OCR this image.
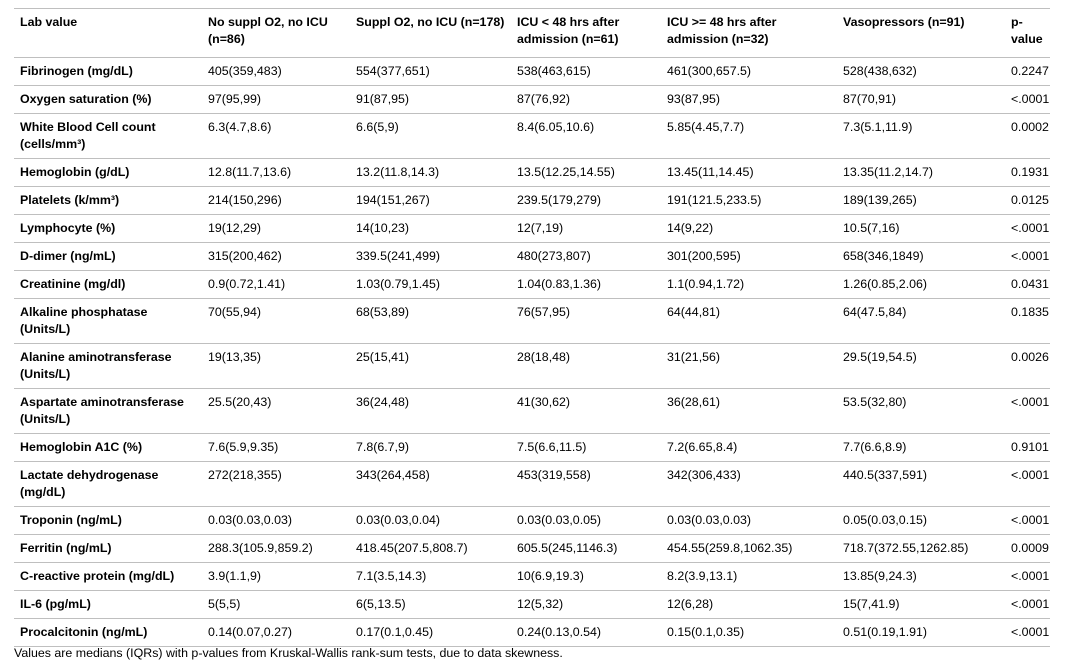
Lab value	No suppl O2, no ICU (n=86)	Suppl O2, no ICU (n=178)	ICU < 48 hrs after admission (n=61)	ICU >= 48 hrs after admission (n=32)	Vasopressors (n=91)	p-value
Fibrinogen (mg/dL)	405(359,483)	554(377,651)	538(463,615)	461(300,657.5)	528(438,632)	0.2247
Oxygen saturation (%)	97(95,99)	91(87,95)	87(76,92)	93(87,95)	87(70,91)	<.0001
White Blood Cell count (cells/mm³)	6.3(4.7,8.6)	6.6(5,9)	8.4(6.05,10.6)	5.85(4.45,7.7)	7.3(5.1,11.9)	0.0002
Hemoglobin (g/dL)	12.8(11.7,13.6)	13.2(11.8,14.3)	13.5(12.25,14.55)	13.45(11,14.45)	13.35(11.2,14.7)	0.1931
Platelets (k/mm³)	214(150,296)	194(151,267)	239.5(179,279)	191(121.5,233.5)	189(139,265)	0.0125
Lymphocyte (%)	19(12,29)	14(10,23)	12(7,19)	14(9,22)	10.5(7,16)	<.0001
D-dimer (ng/mL)	315(200,462)	339.5(241,499)	480(273,807)	301(200,595)	658(346,1849)	<.0001
Creatinine (mg/dl)	0.9(0.72,1.41)	1.03(0.79,1.45)	1.04(0.83,1.36)	1.1(0.94,1.72)	1.26(0.85,2.06)	0.0431
Alkaline phosphatase (Units/L)	70(55,94)	68(53,89)	76(57,95)	64(44,81)	64(47.5,84)	0.1835
Alanine aminotransferase (Units/L)	19(13,35)	25(15,41)	28(18,48)	31(21,56)	29.5(19,54.5)	0.0026
Aspartate aminotransferase (Units/L)	25.5(20,43)	36(24,48)	41(30,62)	36(28,61)	53.5(32,80)	<.0001
Hemoglobin A1C (%)	7.6(5.9,9.35)	7.8(6.7,9)	7.5(6.6,11.5)	7.2(6.65,8.4)	7.7(6.6,8.9)	0.9101
Lactate dehydrogenase (mg/dL)	272(218,355)	343(264,458)	453(319,558)	342(306,433)	440.5(337,591)	<.0001
Troponin (ng/mL)	0.03(0.03,0.03)	0.03(0.03,0.04)	0.03(0.03,0.05)	0.03(0.03,0.03)	0.05(0.03,0.15)	<.0001
Ferritin (ng/mL)	288.3(105.9,859.2)	418.45(207.5,808.7)	605.5(245,1146.3)	454.55(259.8,1062.35)	718.7(372.55,1262.85)	0.0009
C-reactive protein (mg/dL)	3.9(1.1,9)	7.1(3.5,14.3)	10(6.9,19.3)	8.2(3.9,13.1)	13.85(9,24.3)	<.0001
IL-6 (pg/mL)	5(5,5)	6(5,13.5)	12(5,32)	12(6,28)	15(7,41.9)	<.0001
Procalcitonin (ng/mL)	0.14(0.07,0.27)	0.17(0.1,0.45)	0.24(0.13,0.54)	0.15(0.1,0.35)	0.51(0.19,1.91)	<.0001
Values are medians (IQRs) with p-values from Kruskal-Wallis rank-sum tests, due to data skewness.
